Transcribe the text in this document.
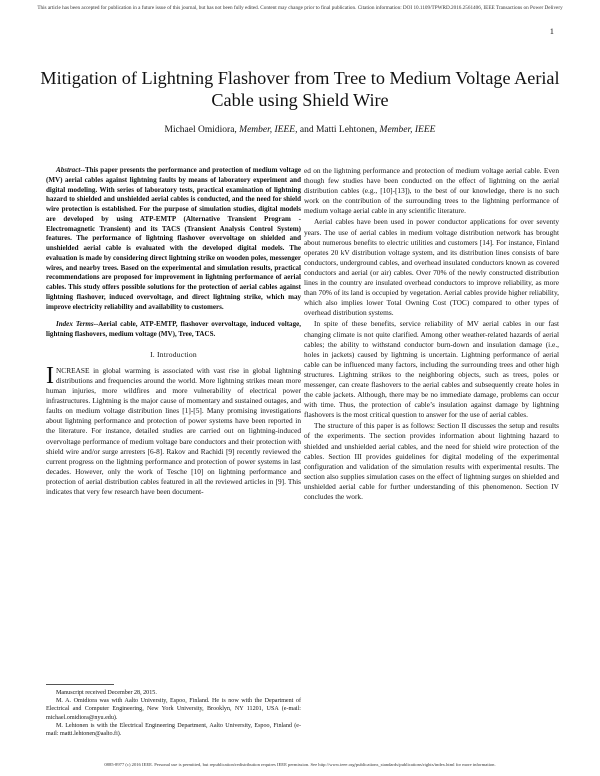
This article has been accepted for publication in a future issue of this journal, but has not been fully edited. Content may change prior to final publication. Citation information: DOI 10.1109/TPWRD.2016.2561406, IEEE Transactions on Power Delivery
1
Mitigation of Lightning Flashover from Tree to Medium Voltage Aerial Cable using Shield Wire
Michael Omidiora, Member, IEEE, and Matti Lehtonen, Member, IEEE

Abstract--This paper presents the performance and protection of medium voltage (MV) aerial cables against lightning faults by means of laboratory experiment and digital modeling. With series of laboratory tests, practical examination of lightning hazard to shielded and unshielded aerial cables is conducted, and the need for shield wire protection is established. For the purpose of simulation studies, digital models are developed by using ATP-EMTP (Alternative Transient Program - Electromagnetic Transient) and its TACS (Transient Analysis Control System) features. The performance of lightning flashover overvoltage on shielded and unshielded aerial cable is evaluated with the developed digital models. The evaluation is made by considering direct lightning strike on wooden poles, messenger wires, and nearby trees. Based on the experimental and simulation results, practical recommendations are proposed for improvement in lightning performance of aerial cables. This study offers possible solutions for the protection of aerial cables against lightning flashover, induced overvoltage, and direct lightning strike, which may improve electricity reliability and availability to customers.

Index Terms--Aerial cable, ATP-EMTP, flashover overvoltage, induced voltage, lightning flashovers, medium voltage (MV), Tree, TACS.

I. Introduction

INCREASE in global warming is associated with vast rise in global lightning distributions and frequencies around the world. More lightning strikes mean more human injuries, more wildfires and more vulnerability of electrical power infrastructures. Lightning is the major cause of momentary and sustained outages, and faults on medium voltage distribution lines [1]-[5]. Many promising investigations about lightning performance and protection of power systems have been reported in the literature. For instance, detailed studies are carried out on lightning-induced overvoltage performance of medium voltage bare conductors and their protection with shield wire and/or surge arresters [6-8]. Rakov and Rachidi [9] recently reviewed the current progress on the lightning performance and protection of power systems in last decades. However, only the work of Tesche [10] on lightning performance and protection of aerial distribution cables featured in all the reviewed articles in [9]. This indicates that very few research have been document-

Manuscript received December 28, 2015.

M. A. Omidiora was with Aalto University, Espoo, Finland. He is now with the Department of Electrical and Computer Engineering, New York University, Brooklyn, NY 11201, USA (e-mail: michael.omidiora@nyu.edu).

M. Lehtonen is with the Electrical Engineering Department, Aalto University, Espoo, Finland (e-mail: matti.lehtonen@aalto.fi).

ed on the lightning performance and protection of medium voltage aerial cable. Even though few studies have been conducted on the effect of lightning on the aerial distribution cables (e.g., [10]-[13]), to the best of our knowledge, there is no such work on the contribution of the surrounding trees to the lightning performance of medium voltage aerial cable in any scientific literature.

Aerial cables have been used in power conductor applications for over seventy years. The use of aerial cables in medium voltage distribution network has brought about numerous benefits to electric utilities and customers [14]. For instance, Finland operates 20 kV distribution voltage system, and its distribution lines consists of bare conductors, underground cables, and overhead insulated conductors known as covered conductors and aerial (or air) cables. Over 70% of the newly constructed distribution lines in the country are insulated overhead conductors to improve reliability, as more than 70% of its land is occupied by vegetation. Aerial cables provide higher reliability, which also implies lower Total Owning Cost (TOC) compared to other types of overhead distribution systems.

In spite of these benefits, service reliability of MV aerial cables in our fast changing climate is not quite clarified. Among other weather-related hazards of aerial cables; the ability to withstand conductor burn-down and insulation damage (i.e., holes in jackets) caused by lightning is uncertain. Lightning performance of aerial cable can be influenced many factors, including the surrounding trees and other high structures. Lightning strikes to the neighboring objects, such as trees, poles or messenger, can create flashovers to the aerial cables and subsequently create holes in the cable jackets. Although, there may be no immediate damage, problems can occur with time. Thus, the protection of cable’s insulation against damage by lightning flashovers is the most critical question to answer for the use of aerial cables.

The structure of this paper is as follows: Section II discusses the setup and results of the experiments. The section provides information about lightning hazard to shielded and unshielded aerial cables, and the need for shield wire protection of the cables. Section III provides guidelines for digital modeling of the experimental configuration and validation of the simulation results with experimental results. The section also supplies simulation cases on the effect of lightning surges on shielded and unshielded aerial cable for further understanding of this phenomenon. Section IV concludes the work.

0885-8977 (c) 2016 IEEE. Personal use is permitted, but republication/redistribution requires IEEE permission. See http://www.ieee.org/publications_standards/publications/rights/index.html for more information.
